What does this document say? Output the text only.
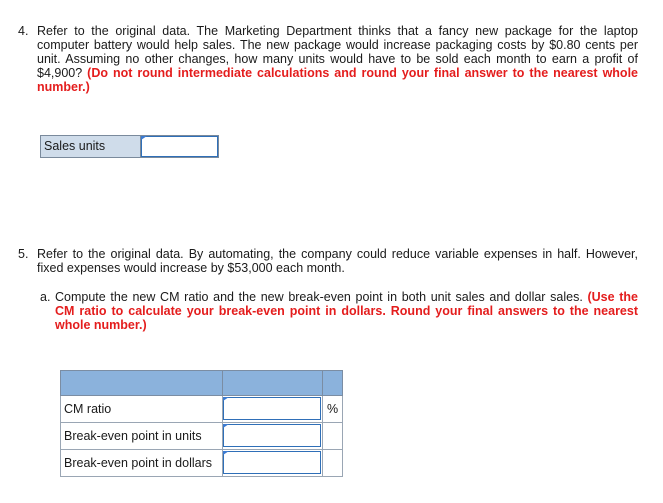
4. Refer to the original data. The Marketing Department thinks that a fancy new package for the laptop computer battery would help sales. The new package would increase packaging costs by $0.80 cents per unit. Assuming no other changes, how many units would have to be sold each month to earn a profit of $4,900? (Do not round intermediate calculations and round your final answer to the nearest whole number.)
Sales units
5. Refer to the original data. By automating, the company could reduce variable expenses in half. However, fixed expenses would increase by $53,000 each month.
a. Compute the new CM ratio and the new break-even point in both unit sales and dollar sales. (Use the CM ratio to calculate your break-even point in dollars. Round your final answers to the nearest whole number.)
CM ratio	%
Break-even point in units
Break-even point in dollars
